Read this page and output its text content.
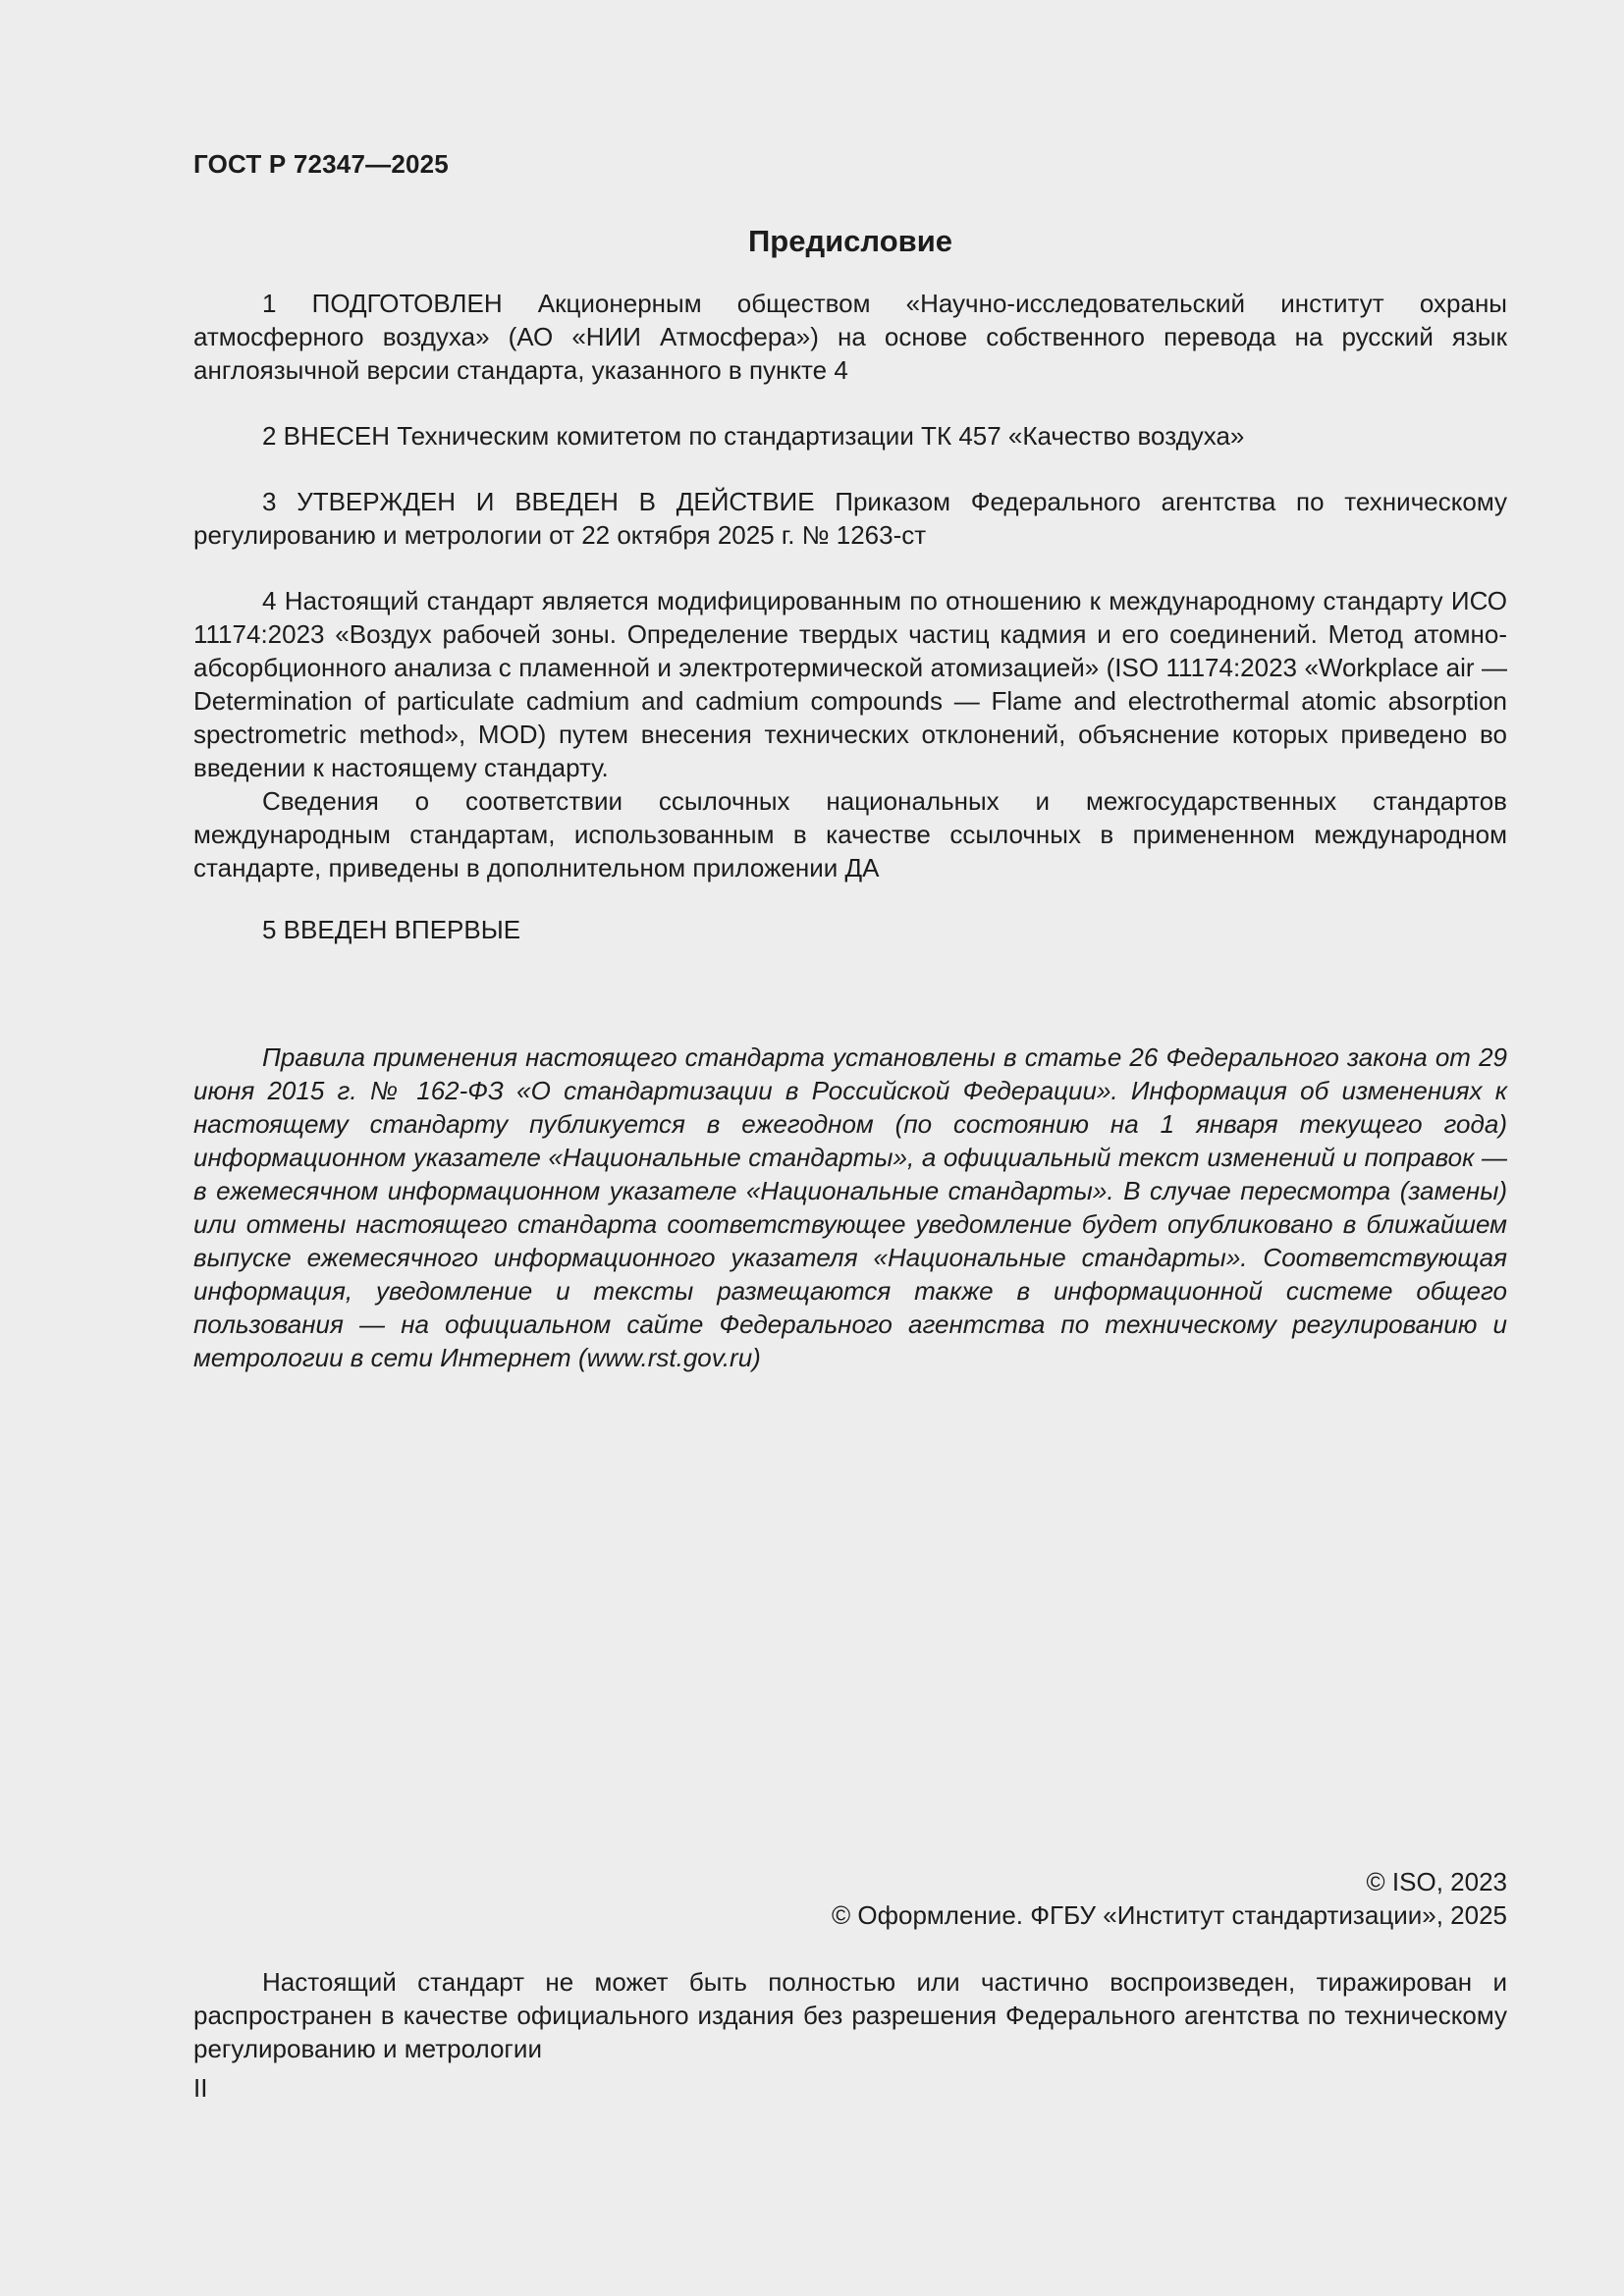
ГОСТ Р 72347—2025
Предисловие

1 ПОДГОТОВЛЕН Акционерным обществом «Научно-исследовательский институт охраны атмосферного воздуха» (АО «НИИ Атмосфера») на основе собственного перевода на русский язык англоязычной версии стандарта, указанного в пункте 4

2 ВНЕСЕН Техническим комитетом по стандартизации ТК 457 «Качество воздуха»

3 УТВЕРЖДЕН И ВВЕДЕН В ДЕЙСТВИЕ Приказом Федерального агентства по техническому регулированию и метрологии от 22 октября 2025 г. № 1263-ст

4 Настоящий стандарт является модифицированным по отношению к международному стандарту ИСО 11174:2023 «Воздух рабочей зоны. Определение твердых частиц кадмия и его соединений. Метод атомно-абсорбционного анализа с пламенной и электротермической атомизацией» (ISO 11174:2023 «Workplace air — Determination of particulate cadmium and cadmium compounds — Flame and electrothermal atomic absorption spectrometric method», MOD) путем внесения технических отклонений, объяснение которых приведено во введении к настоящему стандарту.

Сведения о соответствии ссылочных национальных и межгосударственных стандартов международным стандартам, использованным в качестве ссылочных в примененном международном стандарте, приведены в дополнительном приложении ДА

5 ВВЕДЕН ВПЕРВЫЕ

Правила применения настоящего стандарта установлены в статье 26 Федерального закона от 29 июня 2015 г. № 162-ФЗ «О стандартизации в Российской Федерации». Информация об изменениях к настоящему стандарту публикуется в ежегодном (по состоянию на 1 января текущего года) информационном указателе «Национальные стандарты», а официальный текст изменений и поправок — в ежемесячном информационном указателе «Национальные стандарты». В случае пересмотра (замены) или отмены настоящего стандарта соответствующее уведомление будет опубликовано в ближайшем выпуске ежемесячного информационного указателя «Национальные стандарты». Соответствующая информация, уведомление и тексты размещаются также в информационной системе общего пользования — на официальном сайте Федерального агентства по техническому регулированию и метрологии в сети Интернет (www.rst.gov.ru)

© ISO, 2023
© Оформление. ФГБУ «Институт стандартизации», 2025

Настоящий стандарт не может быть полностью или частично воспроизведен, тиражирован и распространен в качестве официального издания без разрешения Федерального агентства по техническому регулированию и метрологии

II
